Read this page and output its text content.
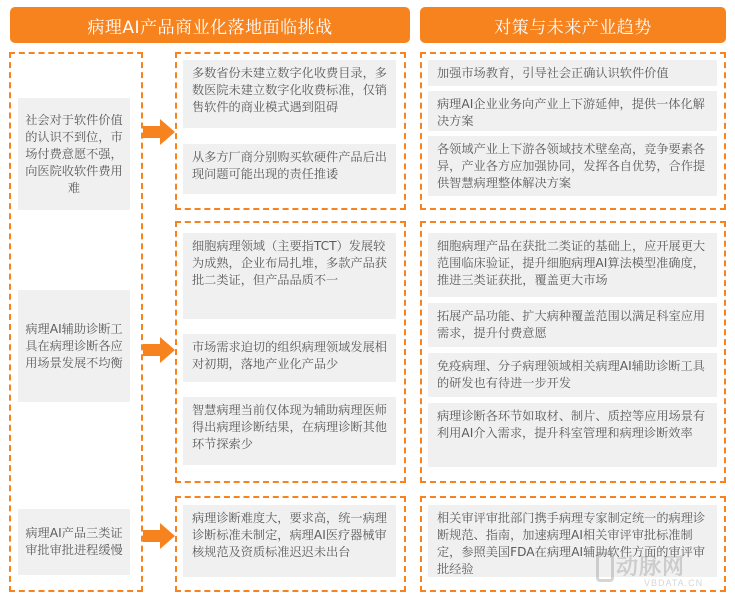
病理AI产品商业化落地面临挑战	对策与未来产业趋势
社会对于软件价值的认识不到位，市场付费意愿不强，向医院收软件费用难
多数省份未建立数字化收费目录，多数医院未建立数字化收费标准，仅销售软件的商业模式遇到阻碍
从多方厂商分别购买软硬件产品后出现问题可能出现的责任推诿
加强市场教育，引导社会正确认识软件价值
病理AI企业业务向产业上下游延伸，提供一体化解决方案
各领域产业上下游各领域技术壁垒高，竞争要素各异，产业各方应加强协同，发挥各自优势，合作提供智慧病理整体解决方案
病理AI辅助诊断工具在病理诊断各应用场景发展不均衡
细胞病理领域（主要指TCT）发展较为成熟，企业布局扎堆，多款产品获批二类证，但产品品质不一
市场需求迫切的组织病理领域发展相对初期，落地产业化产品少
智慧病理当前仅体现为辅助病理医师得出病理诊断结果，在病理诊断其他环节探索少
细胞病理产品在获批二类证的基础上，应开展更大范围临床验证，提升细胞病理AI算法模型准确度，推进三类证获批，覆盖更大市场
拓展产品功能、扩大病种覆盖范围以满足科室应用需求，提升付费意愿
免疫病理、分子病理领域相关病理AI辅助诊断工具的研发也有待进一步开发
病理诊断各环节如取材、制片、质控等应用场景有利用AI介入需求，提升科室管理和病理诊断效率
病理AI产品三类证审批审批进程缓慢
病理诊断难度大，要求高，统一病理诊断标准未制定，病理AI医疗器械审核规范及资质标准迟迟未出台
相关审评审批部门携手病理专家制定统一的病理诊断规范、指南，加速病理AI相关审评审批标准制定，参照美国FDA在病理AI辅助软件方面的审评审批经验	动脉网
VBDATA.CN
